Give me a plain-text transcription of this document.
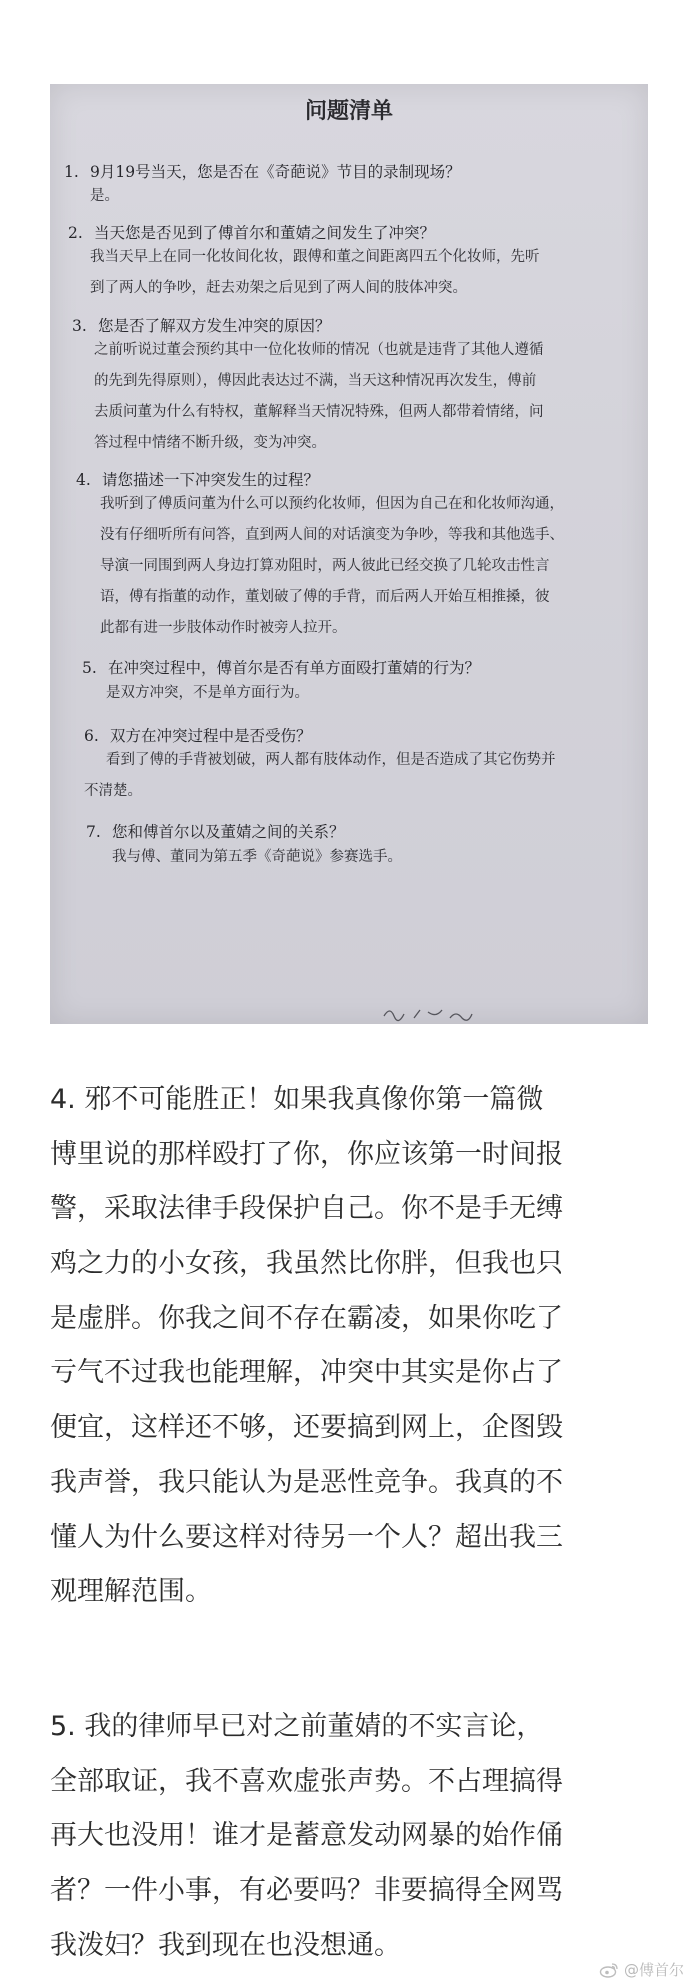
问题清单
1. 9月19号当天，您是否在《奇葩说》节目的录制现场？
是。
2. 当天您是否见到了傅首尔和董婧之间发生了冲突？
我当天早上在同一化妆间化妆，跟傅和董之间距离四五个化妆师，先听
到了两人的争吵，赶去劝架之后见到了两人间的肢体冲突。
3. 您是否了解双方发生冲突的原因？
之前听说过董会预约其中一位化妆师的情况（也就是违背了其他人遵循
的先到先得原则），傅因此表达过不满，当天这种情况再次发生，傅前
去质问董为什么有特权，董解释当天情况特殊，但两人都带着情绪，问
答过程中情绪不断升级，变为冲突。
4. 请您描述一下冲突发生的过程？
我听到了傅质问董为什么可以预约化妆师，但因为自己在和化妆师沟通，
没有仔细听所有问答，直到两人间的对话演变为争吵，等我和其他选手、
导演一同围到两人身边打算劝阻时，两人彼此已经交换了几轮攻击性言
语，傅有指董的动作，董划破了傅的手背，而后两人开始互相推搡，彼
此都有进一步肢体动作时被旁人拉开。
5. 在冲突过程中，傅首尔是否有单方面殴打董婧的行为？
是双方冲突，不是单方面行为。
6. 双方在冲突过程中是否受伤？
看到了傅的手背被划破，两人都有肢体动作，但是否造成了其它伤势并
不清楚。
7. 您和傅首尔以及董婧之间的关系？
我与傅、董同为第五季《奇葩说》参赛选手。
4. 邪不可能胜正！如果我真像你第一篇微
博里说的那样殴打了你，你应该第一时间报
警，采取法律手段保护自己。你不是手无缚
鸡之力的小女孩，我虽然比你胖，但我也只
是虚胖。你我之间不存在霸凌，如果你吃了
亏气不过我也能理解，冲突中其实是你占了
便宜，这样还不够，还要搞到网上，企图毁
我声誉，我只能认为是恶性竞争。我真的不
懂人为什么要这样对待另一个人？超出我三
观理解范围。
5. 我的律师早已对之前董婧的不实言论，
全部取证，我不喜欢虚张声势。不占理搞得
再大也没用！谁才是蓄意发动网暴的始作俑
者？一件小事，有必要吗？非要搞得全网骂
我泼妇？我到现在也没想通。
@傅首尔
